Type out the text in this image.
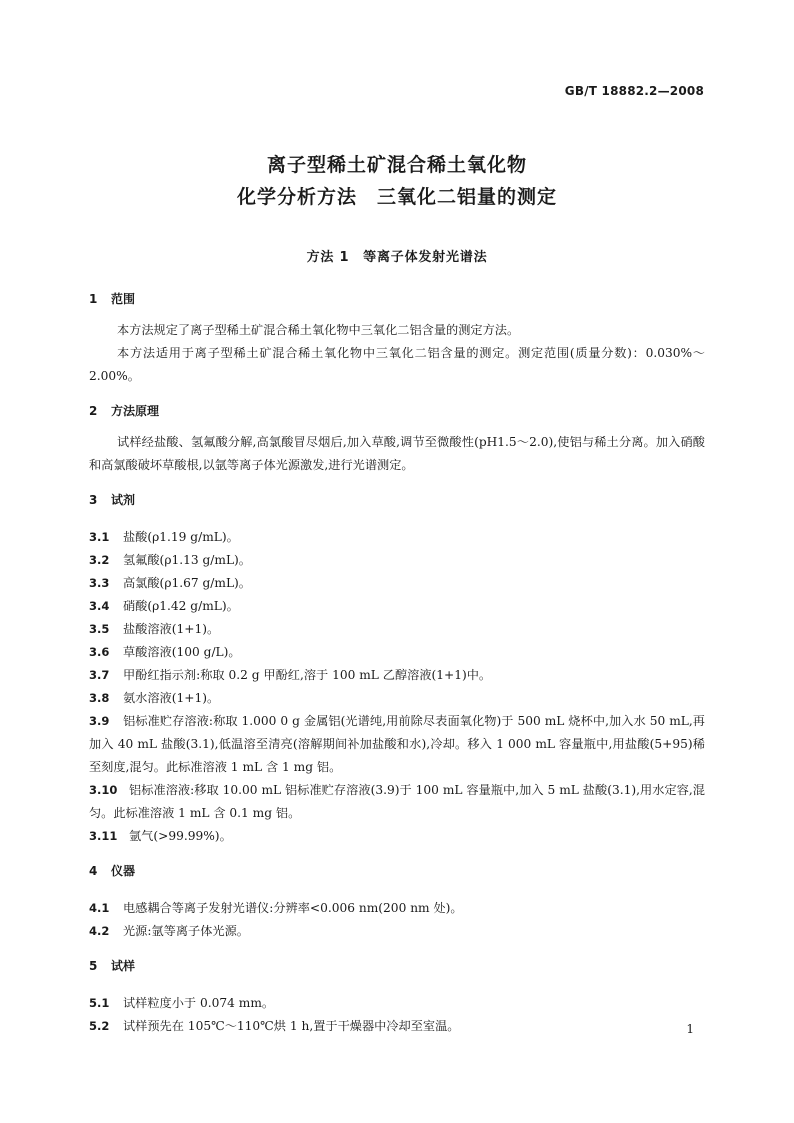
GB/T 18882.2—2008
离子型稀土矿混合稀土氧化物
化学分析方法　三氧化二铝量的测定
方法 1　等离子体发射光谱法
1 范围

本方法规定了离子型稀土矿混合稀土氧化物中三氧化二铝含量的测定方法。

本方法适用于离子型稀土矿混合稀土氧化物中三氧化二铝含量的测定。测定范围(质量分数)：0.030%～2.00%。

2 方法原理

试样经盐酸、氢氟酸分解,高氯酸冒尽烟后,加入草酸,调节至微酸性(pH1.5～2.0),使铝与稀土分离。加入硝酸和高氯酸破坏草酸根,以氩等离子体光源激发,进行光谱测定。

3 试剂

3.1 盐酸(ρ1.19 g/mL)。

3.2 氢氟酸(ρ1.13 g/mL)。

3.3 高氯酸(ρ1.67 g/mL)。

3.4 硝酸(ρ1.42 g/mL)。

3.5 盐酸溶液(1+1)。

3.6 草酸溶液(100 g/L)。

3.7 甲酚红指示剂:称取 0.2 g 甲酚红,溶于 100 mL 乙醇溶液(1+1)中。

3.8 氨水溶液(1+1)。

3.9 铝标准贮存溶液:称取 1.000 0 g 金属铝(光谱纯,用前除尽表面氧化物)于 500 mL 烧杯中,加入水 50 mL,再加入 40 mL 盐酸(3.1),低温溶至清亮(溶解期间补加盐酸和水),冷却。移入 1 000 mL 容量瓶中,用盐酸(5+95)稀至刻度,混匀。此标准溶液 1 mL 含 1 mg 铝。

3.10 铝标准溶液:移取 10.00 mL 铝标准贮存溶液(3.9)于 100 mL 容量瓶中,加入 5 mL 盐酸(3.1),用水定容,混匀。此标准溶液 1 mL 含 0.1 mg 铝。

3.11 氩气(>99.99%)。

4 仪器

4.1 电感耦合等离子发射光谱仪:分辨率<0.006 nm(200 nm 处)。

4.2 光源:氩等离子体光源。

5 试样

5.1 试样粒度小于 0.074 mm。

5.2 试样预先在 105℃～110℃烘 1 h,置于干燥器中冷却至室温。	1
